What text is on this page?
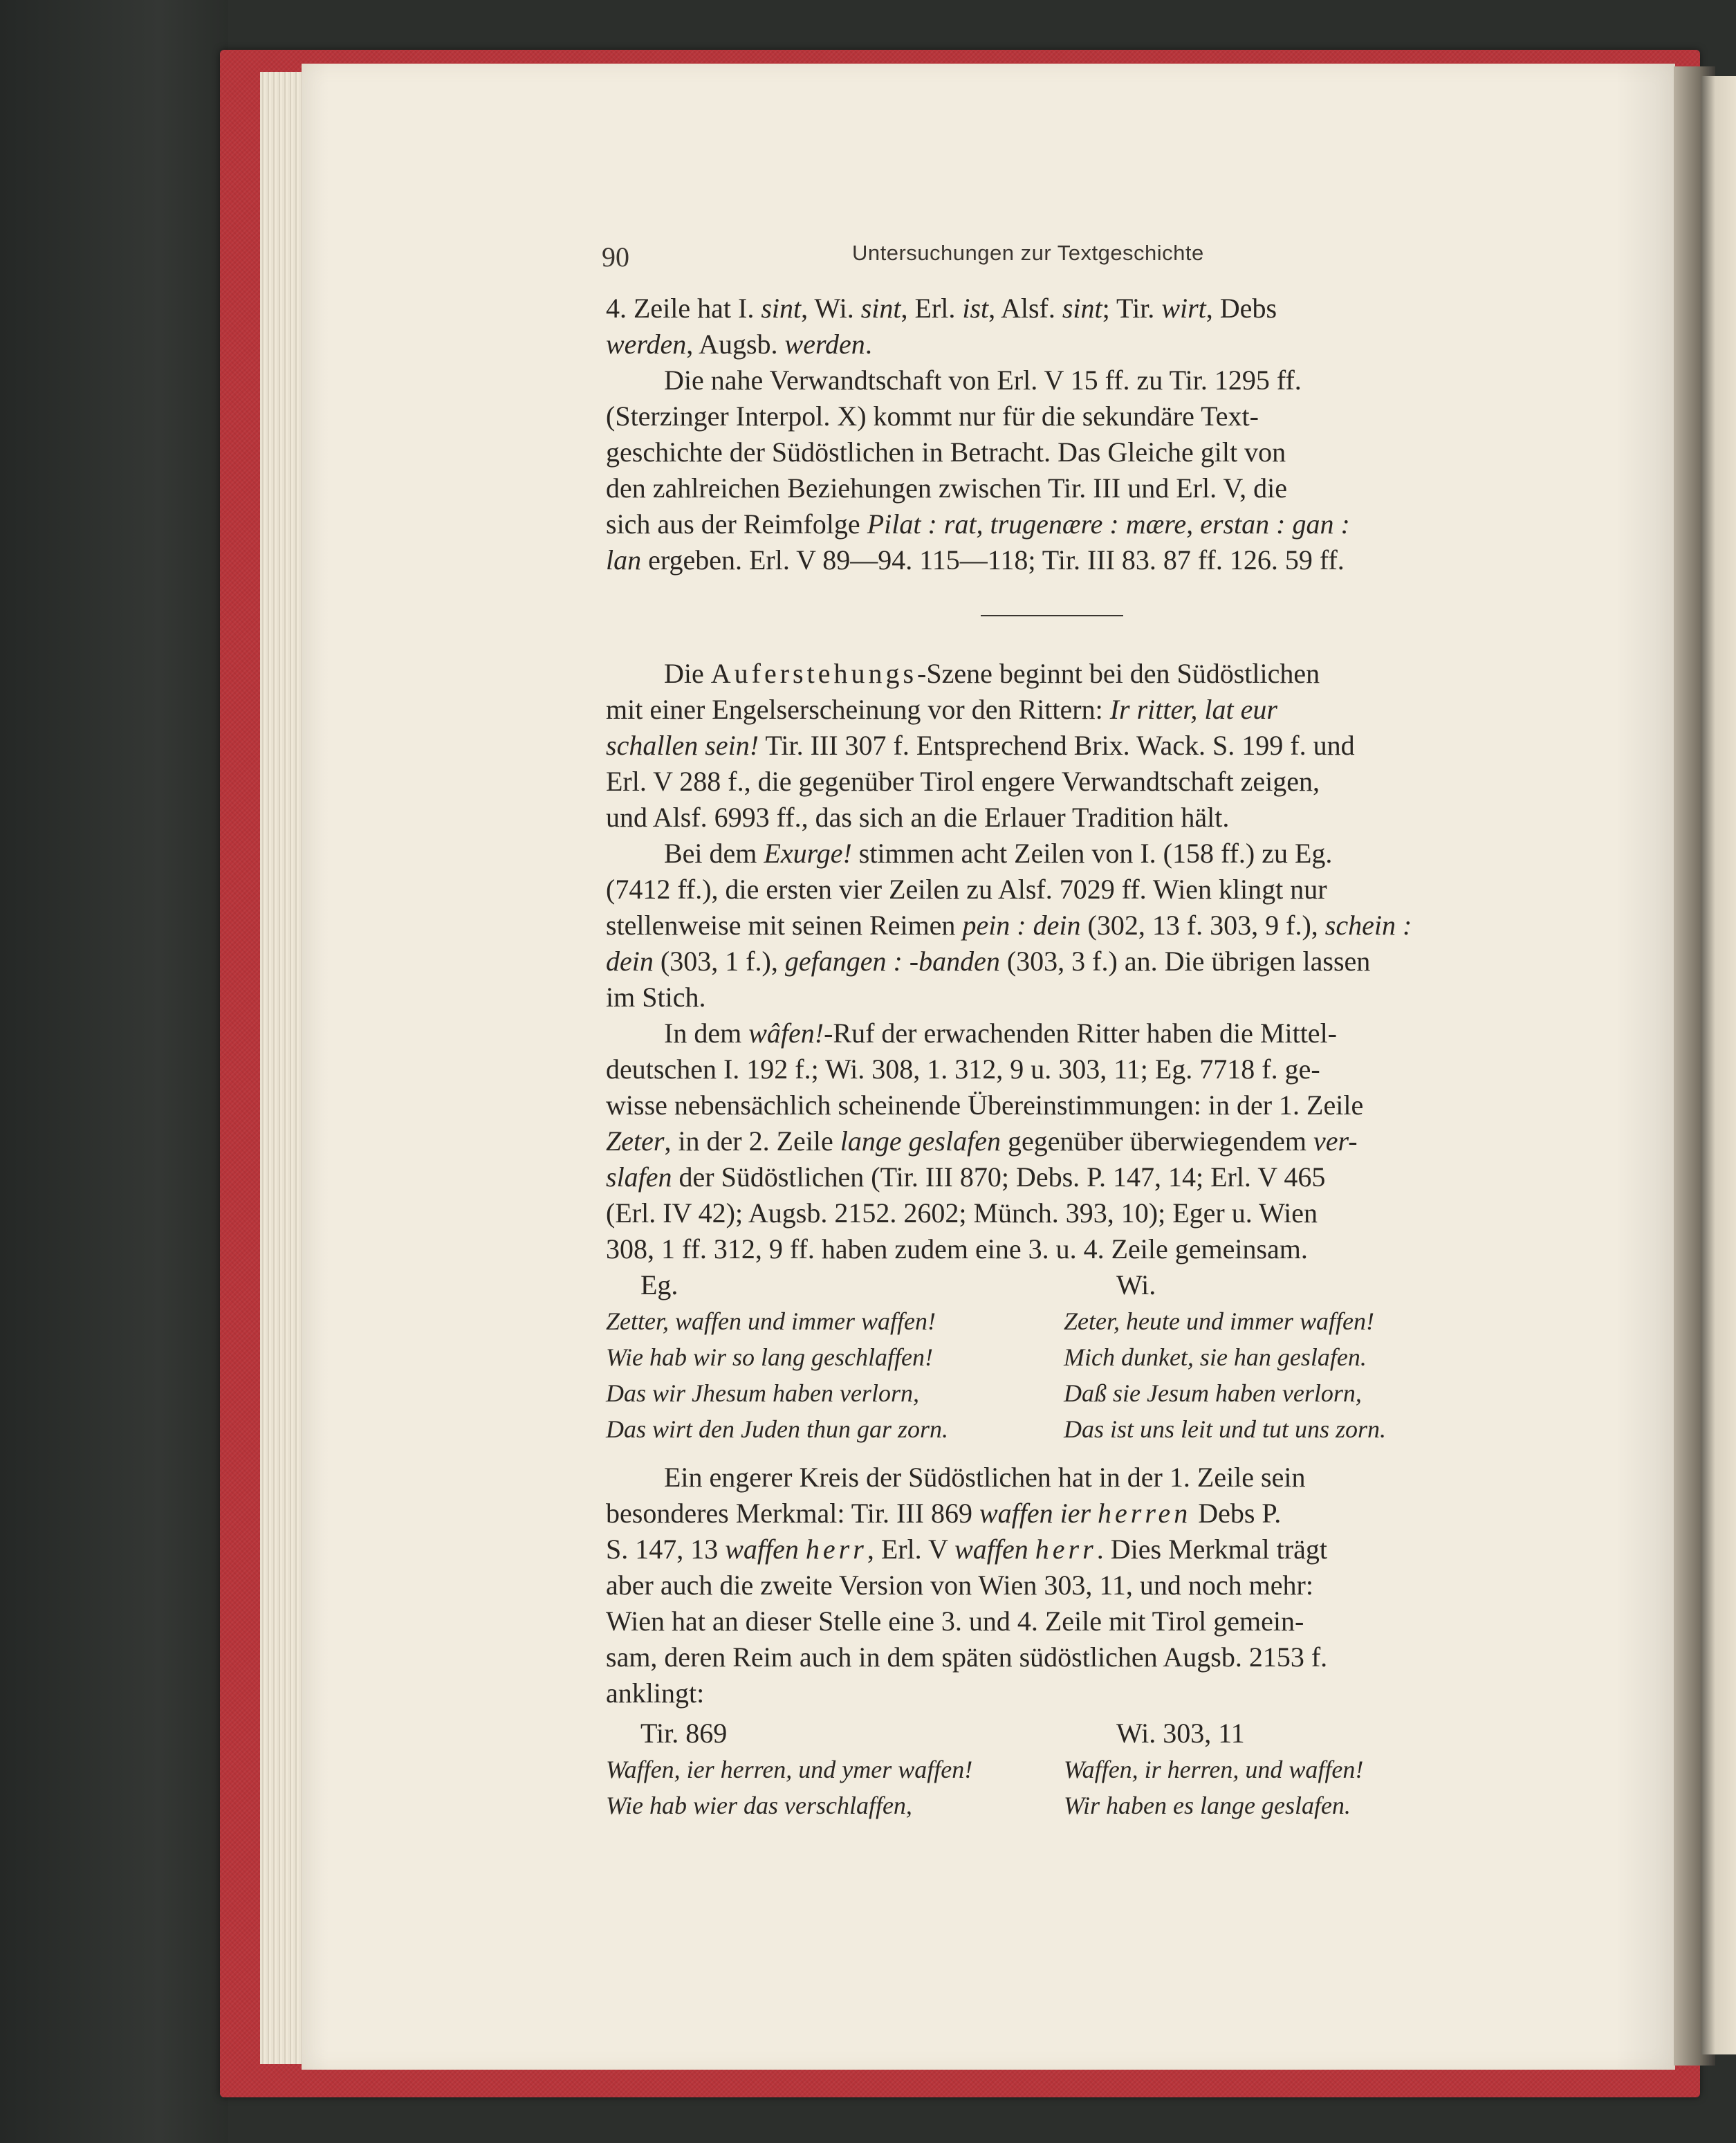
90	Untersuchungen zur Textgeschichte
4. Zeile hat I. sint, Wi. sint, Erl. ist, Alsf. sint; Tir. wirt, Debs
werden, Augsb. werden.
Die nahe Verwandtschaft von Erl. V 15 ff. zu Tir. 1295 ff.
(Sterzinger Interpol. X) kommt nur für die sekundäre Text-
geschichte der Südöstlichen in Betracht. Das Gleiche gilt von
den zahlreichen Beziehungen zwischen Tir. III und Erl. V, die
sich aus der Reimfolge Pilat : rat, trugenære : mære, erstan : gan :
lan ergeben. Erl. V 89—94. 115—118; Tir. III 83. 87 ff. 126. 59 ff.
Die Auferstehungs-Szene beginnt bei den Südöstlichen
mit einer Engelserscheinung vor den Rittern: Ir ritter, lat eur
schallen sein! Tir. III 307 f. Entsprechend Brix. Wack. S. 199 f. und
Erl. V 288 f., die gegenüber Tirol engere Verwandtschaft zeigen,
und Alsf. 6993 ff., das sich an die Erlauer Tradition hält.
Bei dem Exurge! stimmen acht Zeilen von I. (158 ff.) zu Eg.
(7412 ff.), die ersten vier Zeilen zu Alsf. 7029 ff. Wien klingt nur
stellenweise mit seinen Reimen pein : dein (302, 13 f. 303, 9 f.), schein :
dein (303, 1 f.), gefangen : -banden (303, 3 f.) an. Die übrigen lassen
im Stich.
In dem wâfen!-Ruf der erwachenden Ritter haben die Mittel-
deutschen I. 192 f.; Wi. 308, 1. 312, 9 u. 303, 11; Eg. 7718 f. ge-
wisse nebensächlich scheinende Übereinstimmungen: in der 1. Zeile
Zeter, in der 2. Zeile lange geslafen gegenüber überwiegendem ver-
slafen der Südöstlichen (Tir. III 870; Debs. P. 147, 14; Erl. V 465
(Erl. IV 42); Augsb. 2152. 2602; Münch. 393, 10); Eger u. Wien
308, 1 ff. 312, 9 ff. haben zudem eine 3. u. 4. Zeile gemeinsam.
Eg.	Wi.
Zetter, waffen und immer waffen!	Zeter, heute und immer waffen!
Wie hab wir so lang geschlaffen!	Mich dunket, sie han geslafen.
Das wir Jhesum haben verlorn,	Daß sie Jesum haben verlorn,
Das wirt den Juden thun gar zorn.	Das ist uns leit und tut uns zorn.
Ein engerer Kreis der Südöstlichen hat in der 1. Zeile sein
besonderes Merkmal: Tir. III 869 waffen ier herren Debs P.
S. 147, 13 waffen herr, Erl. V waffen herr. Dies Merkmal trägt
aber auch die zweite Version von Wien 303, 11, und noch mehr:
Wien hat an dieser Stelle eine 3. und 4. Zeile mit Tirol gemein-
sam, deren Reim auch in dem späten südöstlichen Augsb. 2153 f.
anklingt:
Tir. 869	Wi. 303, 11
Waffen, ier herren, und ymer waffen!	Waffen, ir herren, und waffen!
Wie hab wier das verschlaffen,	Wir haben es lange geslafen.
